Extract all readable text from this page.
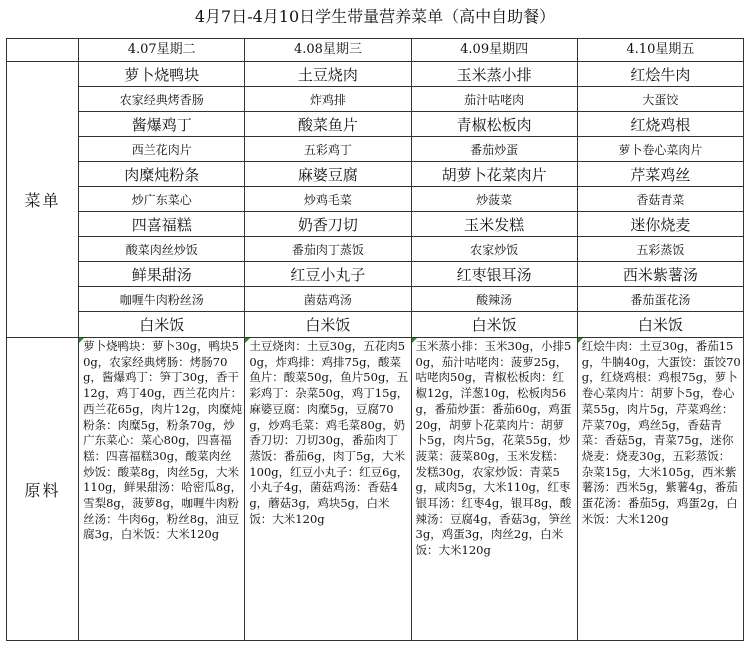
4月7日-4月10日学生带量营养菜单（高中自助餐）
	4.07星期二	4.08星期三	4.09星期四	4.10星期五
菜单	萝卜烧鸭块	土豆烧肉	玉米蒸小排	红烩牛肉
	农家经典烤香肠	炸鸡排	茄汁咕咾肉	大蛋饺
	酱爆鸡丁	酸菜鱼片	青椒松板肉	红烧鸡根
	西兰花肉片	五彩鸡丁	番茄炒蛋	萝卜卷心菜肉片
	肉糜炖粉条	麻婆豆腐	胡萝卜花菜肉片	芹菜鸡丝
	炒广东菜心	炒鸡毛菜	炒菠菜	香菇青菜
	四喜福糕	奶香刀切	玉米发糕	迷你烧麦
	酸菜肉丝炒饭	番茄肉丁蒸饭	农家炒饭	五彩蒸饭
	鲜果甜汤	红豆小丸子	红枣银耳汤	西米紫薯汤
	咖喱牛肉粉丝汤	菌菇鸡汤	酸辣汤	番茄蛋花汤
	白米饭	白米饭	白米饭	白米饭
原料	萝卜烧鸭块：萝卜30g，鸭块50g，农家经典烤肠：烤肠70g，酱爆鸡丁：笋丁30g，香干12g，鸡丁40g，西兰花肉片：西兰花65g，肉片12g，肉糜炖粉条：肉糜5g，粉条70g，炒广东菜心：菜心80g，四喜福糕：四喜福糕30g，酸菜肉丝炒饭：酸菜8g，肉丝5g，大米110g，鲜果甜汤：哈密瓜8g，雪梨8g，菠萝8g，咖喱牛肉粉丝汤：牛肉6g，粉丝8g，油豆腐3g，白米饭：大米120g	土豆烧肉：土豆30g，五花肉50g，炸鸡排：鸡排75g，酸菜鱼片：酸菜50g，鱼片50g，五彩鸡丁：杂菜50g，鸡丁15g，麻婆豆腐：肉糜5g，豆腐70g，炒鸡毛菜：鸡毛菜80g，奶香刀切：刀切30g，番茄肉丁蒸饭：番茄6g，肉丁5g，大米100g，红豆小丸子：红豆6g，小丸子4g，菌菇鸡汤：香菇4g，蘑菇3g，鸡块5g，白米饭：大米120g	玉米蒸小排：玉米30g，小排50g，茄汁咕咾肉：菠萝25g，咕咾肉50g，青椒松板肉：红椒12g，洋葱10g，松板肉56g，番茄炒蛋：番茄60g，鸡蛋20g，胡萝卜花菜肉片：胡萝卜5g，肉片5g，花菜55g，炒菠菜：菠菜80g，玉米发糕：发糕30g，农家炒饭：青菜5g，咸肉5g，大米110g，红枣银耳汤：红枣4g，银耳8g，酸辣汤：豆腐4g，香菇3g，笋丝3g，鸡蛋3g，肉丝2g，白米饭：大米120g	红烩牛肉：土豆30g，番茄15g，牛腩40g，大蛋饺：蛋饺70g，红烧鸡根：鸡根75g，萝卜卷心菜肉片：胡萝卜5g，卷心菜55g，肉片5g，芹菜鸡丝：芹菜70g，鸡丝5g，香菇青菜：香菇5g，青菜75g，迷你烧麦：烧麦30g，五彩蒸饭：杂菜15g，大米105g，西米紫薯汤：西米5g，紫薯4g，番茄蛋花汤：番茄5g，鸡蛋2g，白米饭：大米120g
